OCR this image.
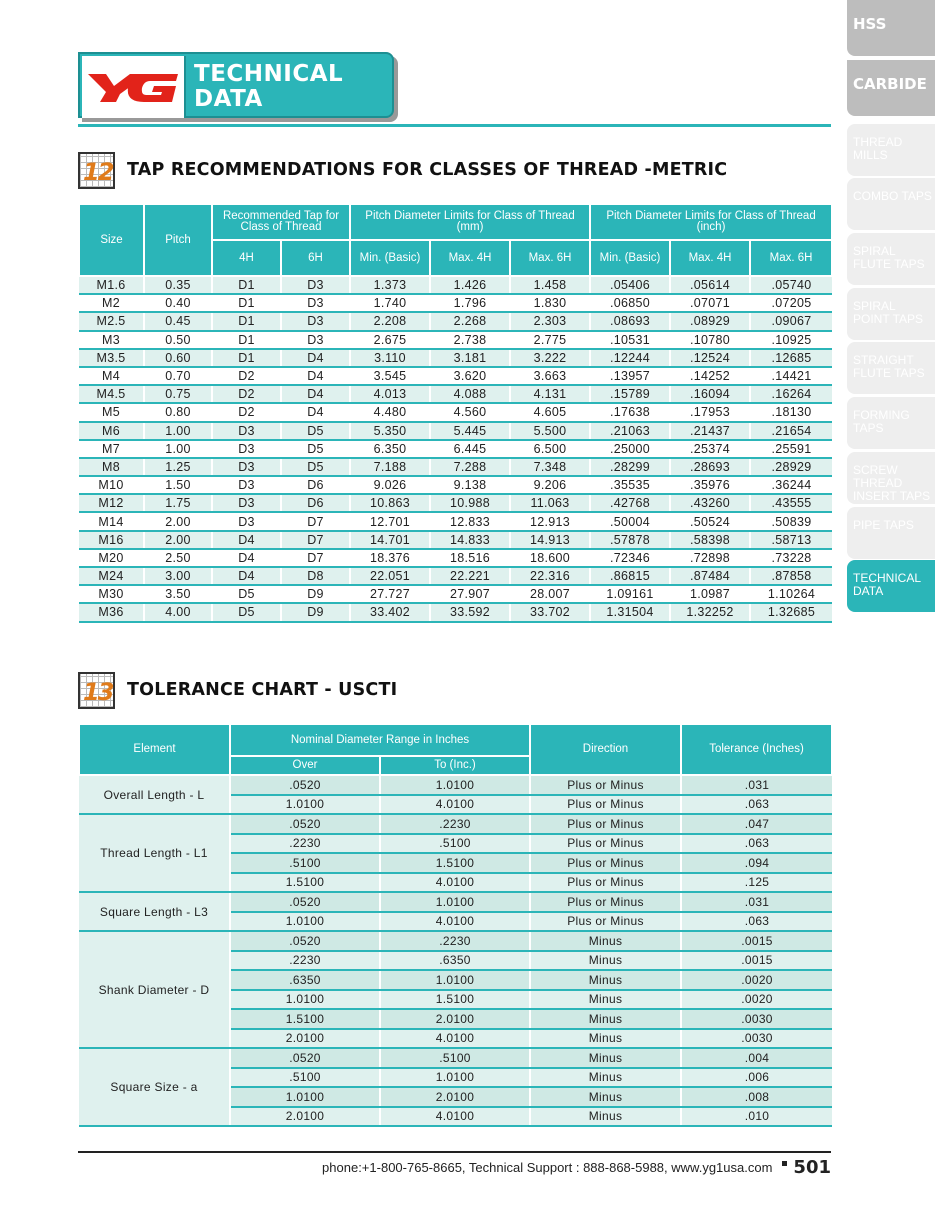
TECHNICAL
DATA
HSS
CARBIDE
THREAD MILLS
COMBO TAPS
SPIRAL FLUTE TAPS
SPIRAL POINT TAPS
STRAIGHT FLUTE TAPS
FORMING TAPS
SCREW THREAD INSERT TAPS
PIPE TAPS
TECHNICAL DATA
12 TAP RECOMMENDATIONS FOR CLASSES OF THREAD -METRIC
Size	Pitch	Recommended Tap for Class of Thread		Pitch Diameter Limits for Class of Thread (mm)			Pitch Diameter Limits for Class of Thread (inch)		
		4H	6H	Min. (Basic)	Max. 4H	Max. 6H	Min. (Basic)	Max. 4H	Max. 6H
M1.6	0.35	D1	D3	1.373	1.426	1.458	.05406	.05614	.05740
M2	0.40	D1	D3	1.740	1.796	1.830	.06850	.07071	.07205
M2.5	0.45	D1	D3	2.208	2.268	2.303	.08693	.08929	.09067
M3	0.50	D1	D3	2.675	2.738	2.775	.10531	.10780	.10925
M3.5	0.60	D1	D4	3.110	3.181	3.222	.12244	.12524	.12685
M4	0.70	D2	D4	3.545	3.620	3.663	.13957	.14252	.14421
M4.5	0.75	D2	D4	4.013	4.088	4.131	.15789	.16094	.16264
M5	0.80	D2	D4	4.480	4.560	4.605	.17638	.17953	.18130
M6	1.00	D3	D5	5.350	5.445	5.500	.21063	.21437	.21654
M7	1.00	D3	D5	6.350	6.445	6.500	.25000	.25374	.25591
M8	1.25	D3	D5	7.188	7.288	7.348	.28299	.28693	.28929
M10	1.50	D3	D6	9.026	9.138	9.206	.35535	.35976	.36244
M12	1.75	D3	D6	10.863	10.988	11.063	.42768	.43260	.43555
M14	2.00	D3	D7	12.701	12.833	12.913	.50004	.50524	.50839
M16	2.00	D4	D7	14.701	14.833	14.913	.57878	.58398	.58713
M20	2.50	D4	D7	18.376	18.516	18.600	.72346	.72898	.73228
M24	3.00	D4	D8	22.051	22.221	22.316	.86815	.87484	.87858
M30	3.50	D5	D9	27.727	27.907	28.007	1.09161	1.0987	1.10264
M36	4.00	D5	D9	33.402	33.592	33.702	1.31504	1.32252	1.32685
13 TOLERANCE CHART - USCTI
Element	Nominal Diameter Range in Inches		Direction	Tolerance (Inches)
	Over	To (Inc.)		
Overall Length - L	.0520	1.0100	Plus or Minus	.031
	1.0100	4.0100	Plus or Minus	.063
Thread Length - L1	.0520	.2230	Plus or Minus	.047
	.2230	.5100	Plus or Minus	.063
	.5100	1.5100	Plus or Minus	.094
	1.5100	4.0100	Plus or Minus	.125
Square Length - L3	.0520	1.0100	Plus or Minus	.031
	1.0100	4.0100	Plus or Minus	.063
Shank Diameter - D	.0520	.2230	Minus	.0015
	.2230	.6350	Minus	.0015
	.6350	1.0100	Minus	.0020
	1.0100	1.5100	Minus	.0020
	1.5100	2.0100	Minus	.0030
	2.0100	4.0100	Minus	.0030
Square Size - a	.0520	.5100	Minus	.004
	.5100	1.0100	Minus	.006
	1.0100	2.0100	Minus	.008
	2.0100	4.0100	Minus	.010
phone:+1-800-765-8665, Technical Support : 888-868-5988, www.yg1usa.com 501
